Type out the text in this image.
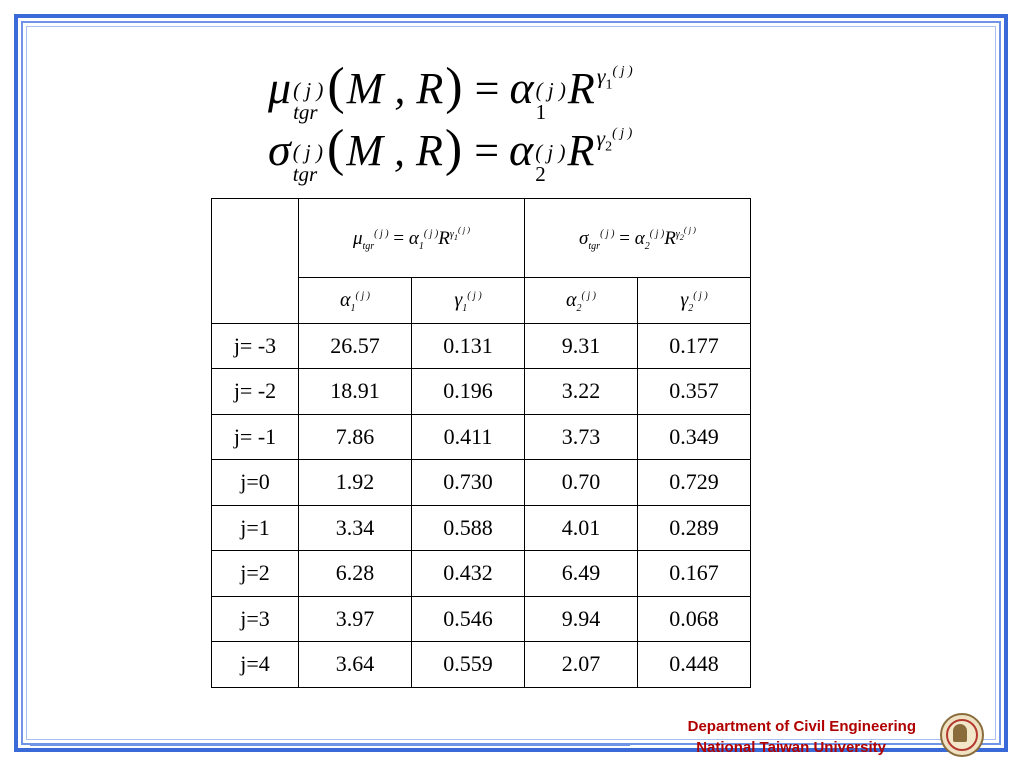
μ ( j )
tgr ( M , R ) = α ( j )
1 R $\gamma_1^{( j )}$
σ ( j )
tgr ( M , R ) = α ( j )
2 R $\gamma_2^{( j )}$
	$\mu_{tgr}^{( j )} = \alpha_1^{( j )}R^{\gamma_1^{( j )}}$		$\sigma_{tgr}^{( j )} = \alpha_2^{( j )}R^{\gamma_2^{( j )}}$
	$\alpha_1^{( j )}$	$\gamma_1^{( j )}$	$\alpha_2^{( j )}$	$\gamma_2^{( j )}$
j= -3	26.57	0.131	9.31	0.177
j= -2	18.91	0.196	3.22	0.357
j= -1	7.86	0.411	3.73	0.349
j=0	1.92	0.730	0.70	0.729
j=1	3.34	0.588	4.01	0.289
j=2	6.28	0.432	6.49	0.167
j=3	3.97	0.546	9.94	0.068
j=4	3.64	0.559	2.07	0.448
Department of Civil Engineering
National Taiwan University
